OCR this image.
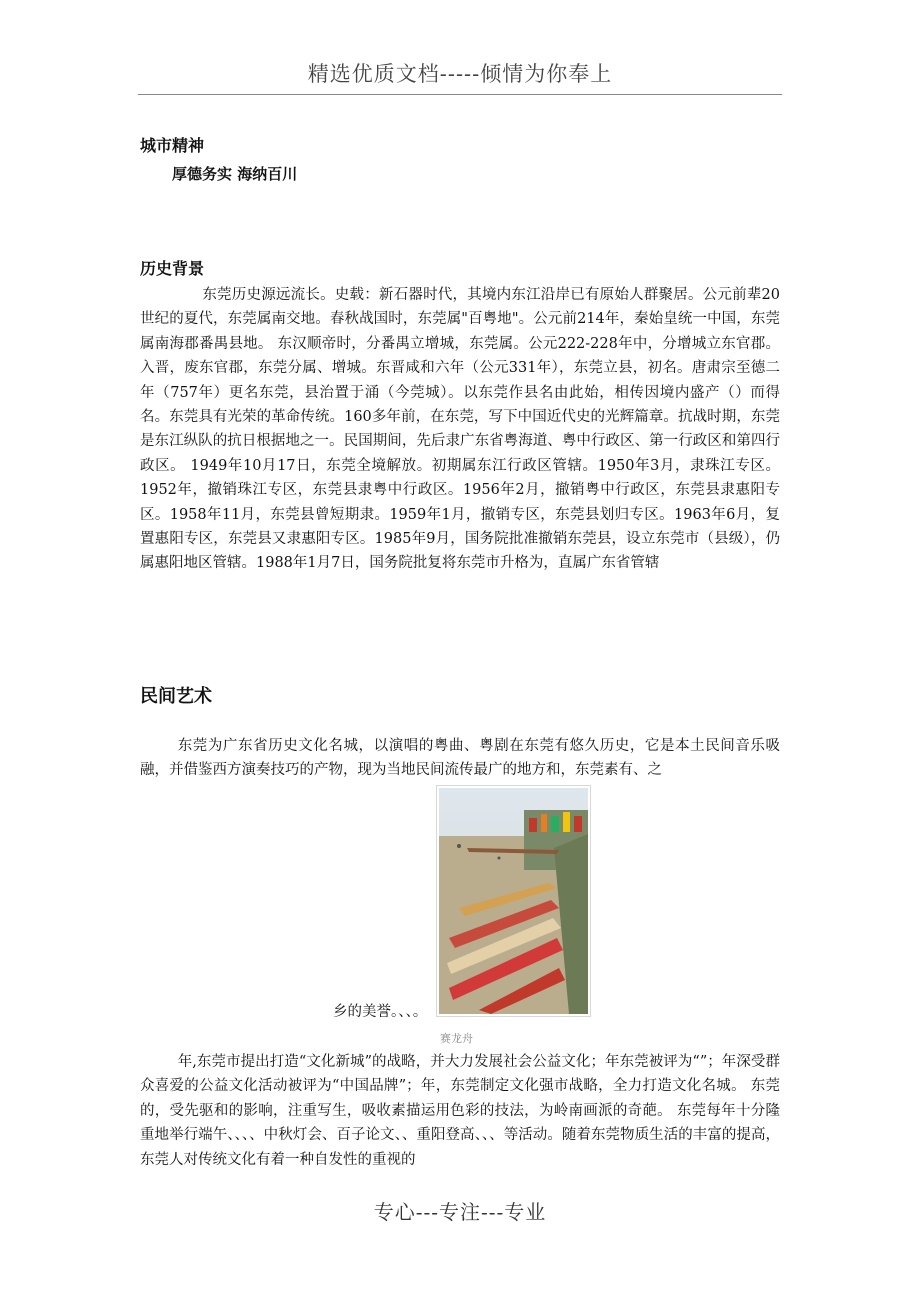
精选优质文档-----倾情为你奉上
城市精神
厚德务实 海纳百川
历史背景
东莞历史源远流长。史载：新石器时代，其境内东江沿岸已有原始人群聚居。公元前辈20世纪的夏代，东莞属南交地。春秋战国时，东莞属"百粤地"。公元前214年，秦始皇统一中国，东莞属南海郡番禺县地。 东汉顺帝时，分番禺立增城，东莞属。公元222-228年中，分增城立东官郡。入晋，废东官郡，东莞分属、增城。东晋咸和六年（公元331年），东莞立县，初名。唐肃宗至德二年（757年）更名东莞，县治置于涌（今莞城）。以东莞作县名由此始，相传因境内盛产（）而得名。东莞具有光荣的革命传统。160多年前，在东莞，写下中国近代史的光辉篇章。抗战时期，东莞是东江纵队的抗日根据地之一。民国期间，先后隶广东省粤海道、粤中行政区、第一行政区和第四行政区。 1949年10月17日，东莞全境解放。初期属东江行政区管辖。1950年3月，隶珠江专区。1952年，撤销珠江专区，东莞县隶粤中行政区。1956年2月，撤销粤中行政区，东莞县隶惠阳专区。1958年11月，东莞县曾短期隶。1959年1月，撤销专区，东莞县划归专区。1963年6月，复置惠阳专区，东莞县又隶惠阳专区。1985年9月，国务院批准撤销东莞县，设立东莞市（县级），仍属惠阳地区管辖。1988年1月7日，国务院批复将东莞市升格为，直属广东省管辖
民间艺术
东莞为广东省历史文化名城，以演唱的粤曲、粤剧在东莞有悠久历史，它是本土民间音乐吸融，并借鉴西方演奏技巧的产物，现为当地民间流传最广的地方和，东莞素有、之
乡的美誉。、、。
赛龙舟
年,东莞市提出打造“文化新城”的战略，并大力发展社会公益文化；年东莞被评为“”；年深受群众喜爱的公益文化活动被评为“中国品牌”；年，东莞制定文化强市战略，全力打造文化名城。 东莞的，受先驱和的影响，注重写生，吸收素描运用色彩的技法，为岭南画派的奇葩。 东莞每年十分隆重地举行端午、、、、中秋灯会、百子论文、、重阳登高、、、等活动。随着东莞物质生活的丰富的提高，东莞人对传统文化有着一种自发性的重视的
专心---专注---专业
